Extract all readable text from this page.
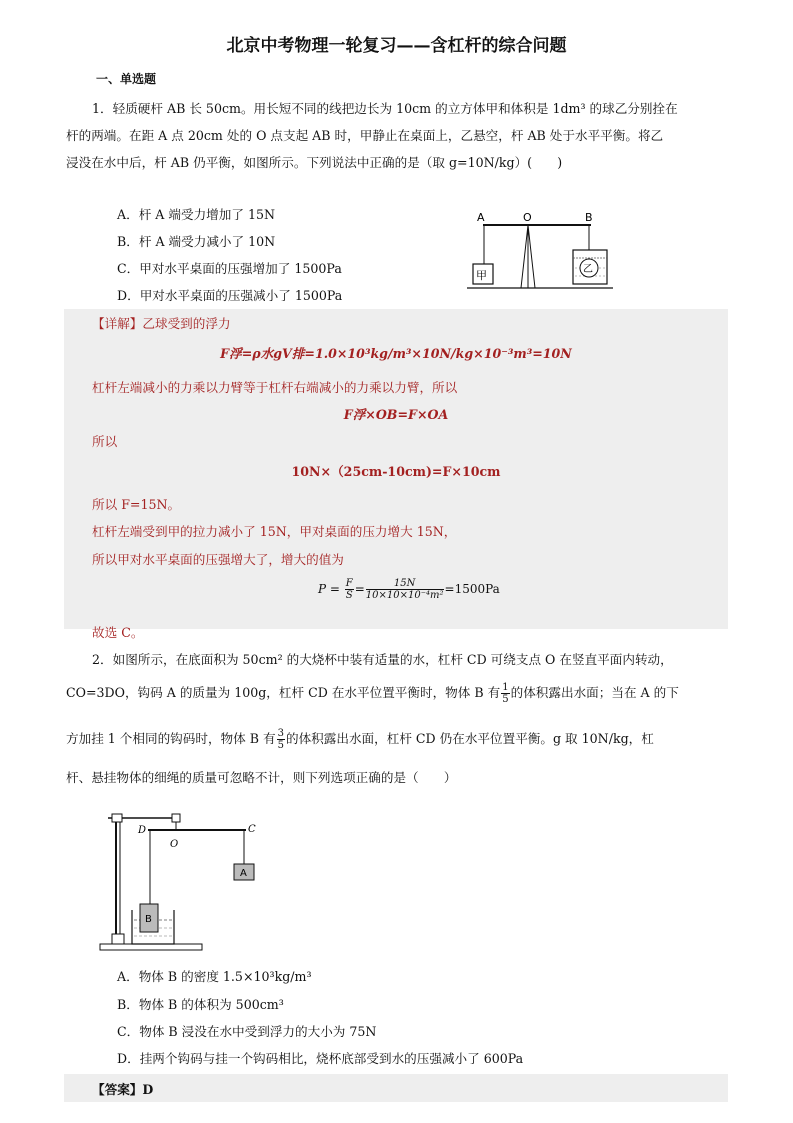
北京中考物理一轮复习——含杠杆的综合问题
一、单选题
1．轻质硬杆 AB 长 50cm。用长短不同的线把边长为 10cm 的立方体甲和体积是 1dm³ 的球乙分别拴在
杆的两端。在距 A 点 20cm 处的 O 点支起 AB 时，甲静止在桌面上，乙悬空，杆 AB 处于水平平衡。将乙
浸没在水中后，杆 AB 仍平衡，如图所示。下列说法中正确的是（取 g=10N/kg）(　　)
A．杆 A 端受力增加了 15N
B．杆 A 端受力减小了 10N
C．甲对水平桌面的压强增加了 1500Pa
D．甲对水平桌面的压强减小了 1500Pa
A	O	B
甲	乙
【详解】乙球受到的浮力
F浮=ρ水gV排=1.0×10³kg/m³×10N/kg×10⁻³m³=10N
杠杆左端减小的力乘以力臂等于杠杆右端减小的力乘以力臂，所以
F浮×OB=F×OA
所以
10N×（25cm-10cm)=F×10cm
所以 F=15N。
杠杆左端受到甲的拉力减小了 15N，甲对桌面的压力增大 15N，
所以甲对水平桌面的压强增大了，增大的值为
$P = \frac{F}{S} = \frac{15N}{\text{10×10×10⁻⁴m²}} =1500Pa$
故选 C。
2．如图所示，在底面积为 50cm² 的大烧杯中装有适量的水，杠杆 CD 可绕支点 O 在竖直平面内转动，
CO=3DO，钩码 A 的质量为 100g，杠杆 CD 在水平位置平衡时，物体 B 有 $\frac{1}{5}$ 的体积露出水面；当在 A 的下
方加挂 1 个相同的钩码时，物体 B 有 $\frac{3}{5}$ 的体积露出水面，杠杆 CD 仍在水平位置平衡。g 取 10N/kg，杠
杆、悬挂物体的细绳的质量可忽略不计，则下列选项正确的是（　　）
D
O
C
A
B
A．物体 B 的密度 1.5×10³kg/m³
B．物体 B 的体积为 500cm³
C．物体 B 浸没在水中受到浮力的大小为 75N
D．挂两个钩码与挂一个钩码相比，烧杯底部受到水的压强减小了 600Pa
【答案】D
